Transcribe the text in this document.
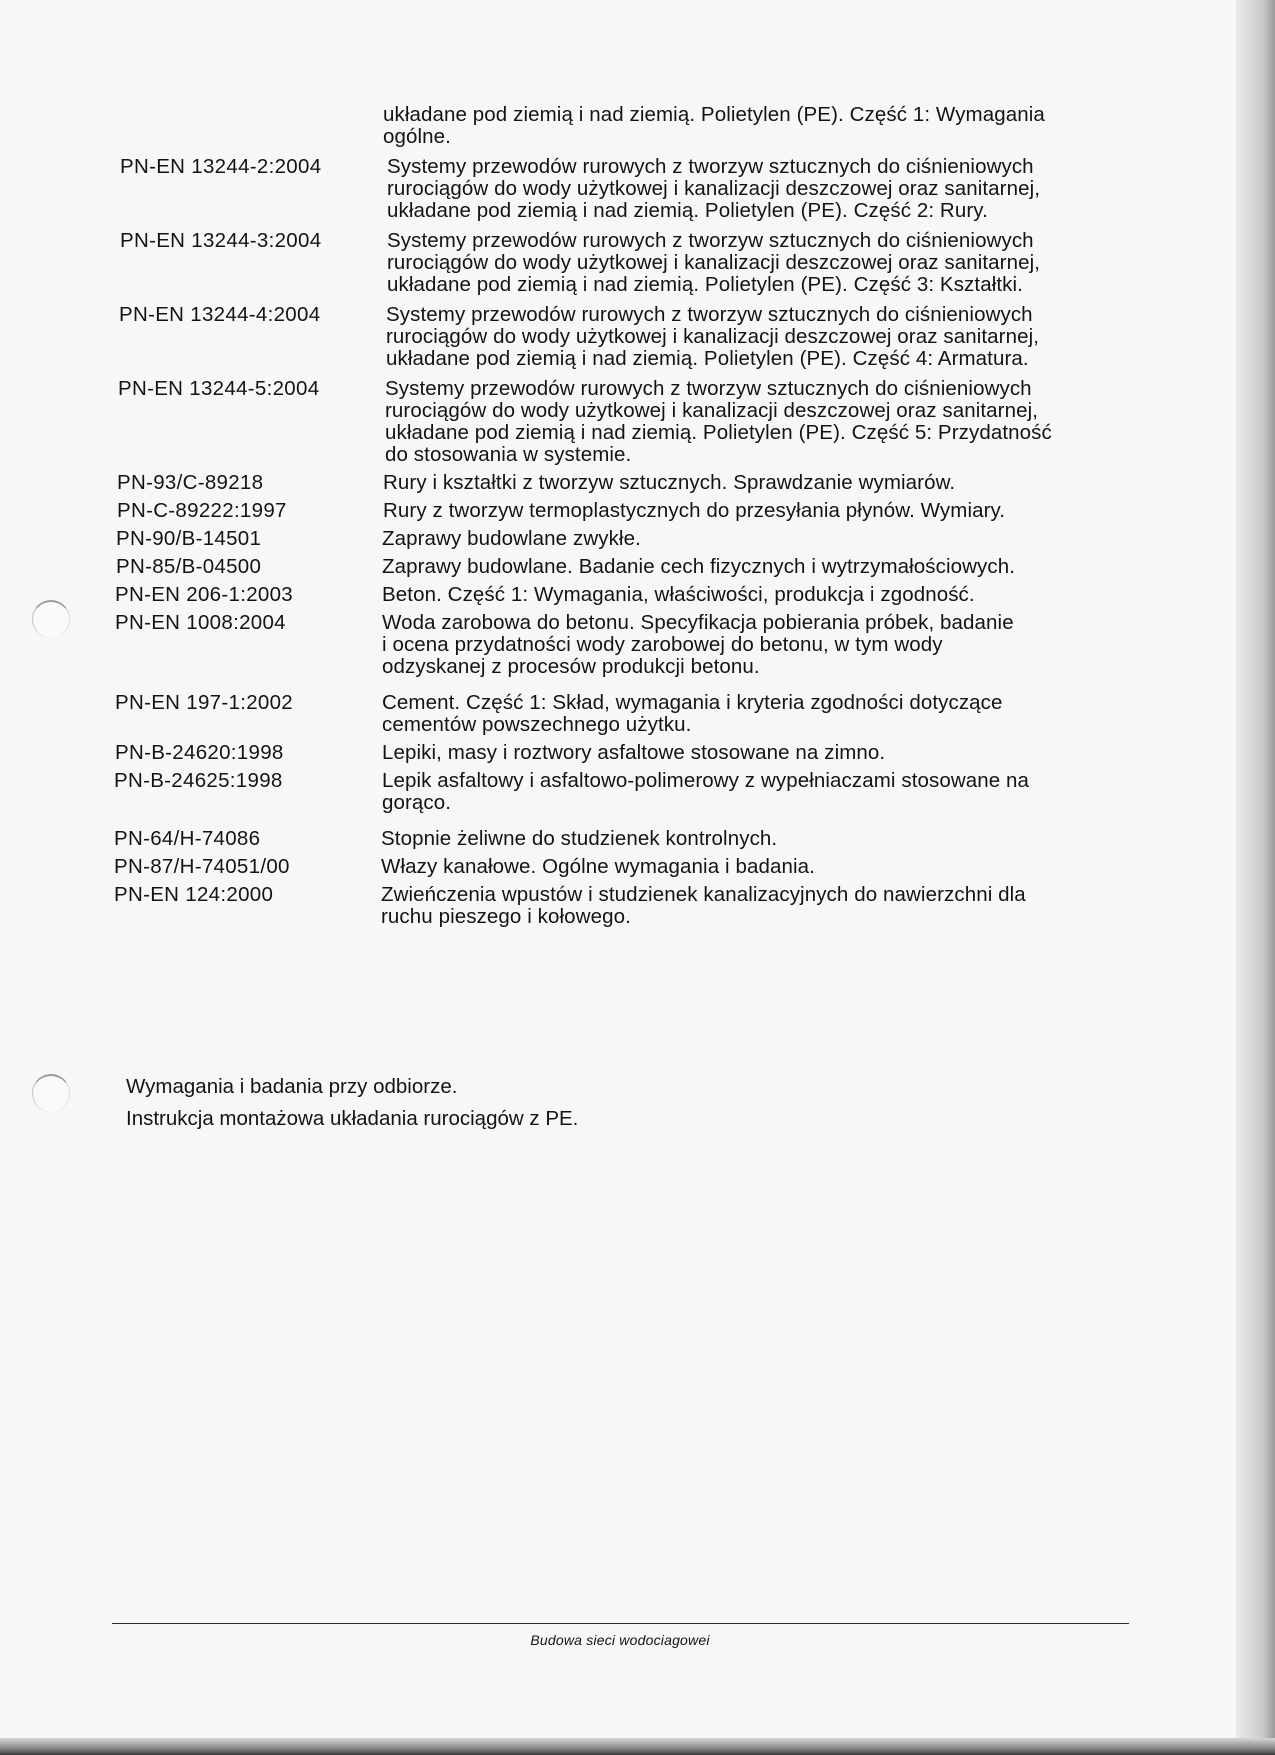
układane pod ziemią i nad ziemią. Polietylen (PE). Część 1: Wymagania
ogólne.
PN-EN 13244-2:2004	Systemy przewodów rurowych z tworzyw sztucznych do ciśnieniowych
rurociągów do wody użytkowej i kanalizacji deszczowej oraz sanitarnej,
układane pod ziemią i nad ziemią. Polietylen (PE). Część 2: Rury.
PN-EN 13244-3:2004	Systemy przewodów rurowych z tworzyw sztucznych do ciśnieniowych
rurociągów do wody użytkowej i kanalizacji deszczowej oraz sanitarnej,
układane pod ziemią i nad ziemią. Polietylen (PE). Część 3: Kształtki.
PN-EN 13244-4:2004	Systemy przewodów rurowych z tworzyw sztucznych do ciśnieniowych
rurociągów do wody użytkowej i kanalizacji deszczowej oraz sanitarnej,
układane pod ziemią i nad ziemią. Polietylen (PE). Część 4: Armatura.
PN-EN 13244-5:2004	Systemy przewodów rurowych z tworzyw sztucznych do ciśnieniowych
rurociągów do wody użytkowej i kanalizacji deszczowej oraz sanitarnej,
układane pod ziemią i nad ziemią. Polietylen (PE). Część 5: Przydatność
do stosowania w systemie.
PN-93/C-89218	Rury i kształtki z tworzyw sztucznych. Sprawdzanie wymiarów.
PN-C-89222:1997	Rury z tworzyw termoplastycznych do przesyłania płynów. Wymiary.
PN-90/B-14501	Zaprawy budowlane zwykłe.
PN-85/B-04500	Zaprawy budowlane. Badanie cech fizycznych i wytrzymałościowych.
PN-EN 206-1:2003	Beton. Część 1: Wymagania, właściwości, produkcja i zgodność.
PN-EN 1008:2004	Woda zarobowa do betonu. Specyfikacja pobierania próbek, badanie
i ocena przydatności wody zarobowej do betonu, w tym wody
odzyskanej z procesów produkcji betonu.
PN-EN 197-1:2002	Cement. Część 1: Skład, wymagania i kryteria zgodności dotyczące
cementów powszechnego użytku.
PN-B-24620:1998	Lepiki, masy i roztwory asfaltowe stosowane na zimno.
PN-B-24625:1998	Lepik asfaltowy i asfaltowo-polimerowy z wypełniaczami stosowane na
gorąco.
PN-64/H-74086	Stopnie żeliwne do studzienek kontrolnych.
PN-87/H-74051/00	Włazy kanałowe. Ogólne wymagania i badania.
PN-EN 124:2000	Zwieńczenia wpustów i studzienek kanalizacyjnych do nawierzchni dla
ruchu pieszego i kołowego.
Wymagania i badania przy odbiorze.
Instrukcja montażowa układania rurociągów z PE.
Budowa sieci wodociagowei
